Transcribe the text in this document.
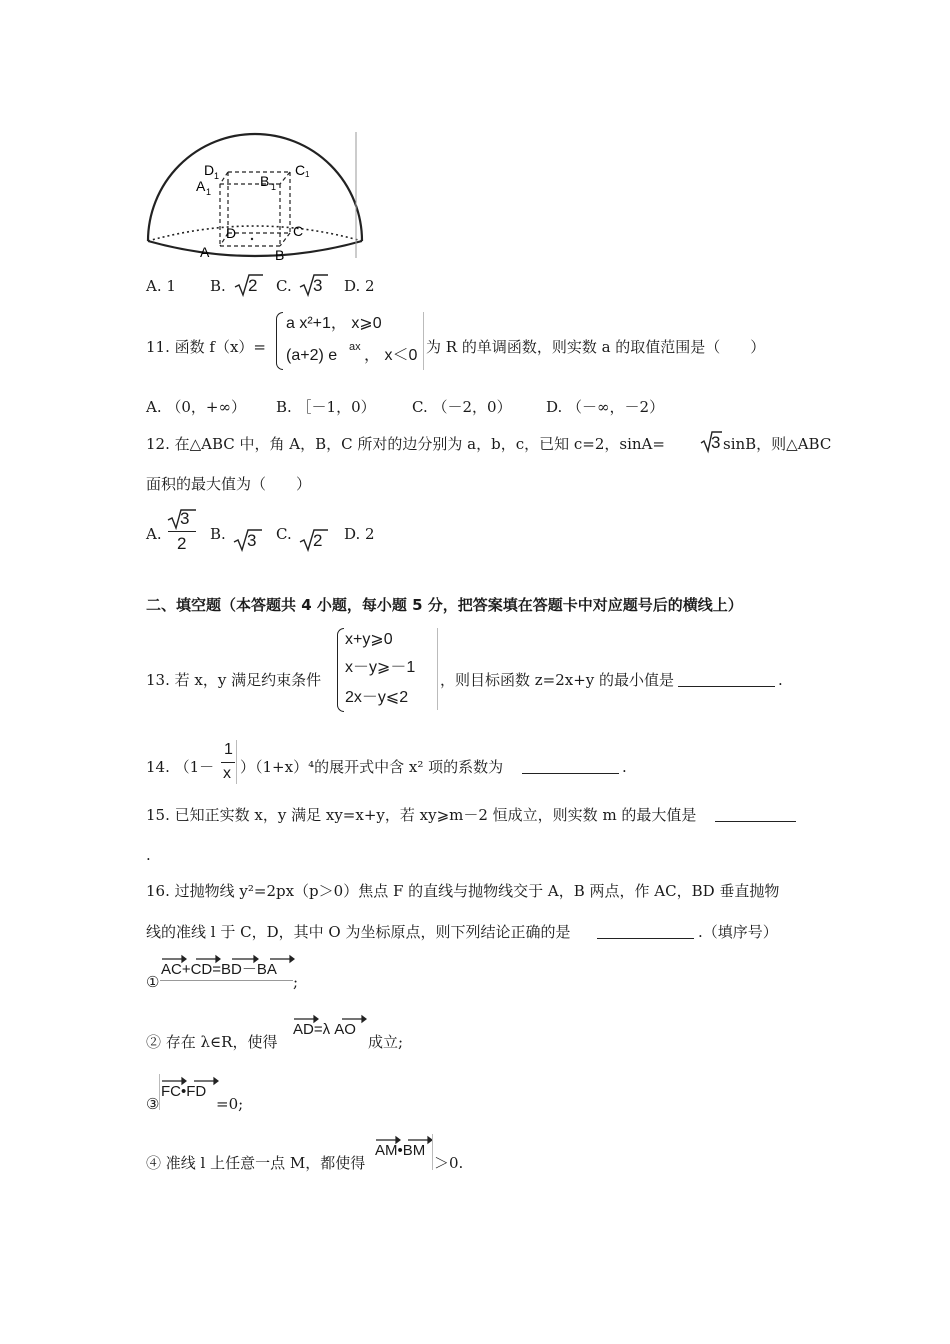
D 1
A 1
B 1
C 1
D	C
A	B
A. 1 B. 2 C. 3 D. 2
11. 函数 f（x）=
a x²+1， x⩾0
(a+2) e ax ， x＜0 为 R 的单调函数，则实数 a 的取值范围是（　　）
A. （0，+∞） B. ［－1，0） C. （－2，0） D. （－∞，－2）
12. 在△ABC 中，角 A，B，C 所对的边分别为 a，b，c，已知 c=2，sinA=	3 sinB，则△ABC
面积的最大值为（　　）
A.
3
2 B. 3 C. 2 D. 2
二、填空题（本答题共 4 小题，每小题 5 分，把答案填在答题卡中对应题号后的横线上）
13. 若 x，y 满足约束条件
x+y⩾0
x－y⩾－1
2x－y⩽2
，则目标函数 z=2x+y 的最小值是	.
14. （1－
1
x ）（1+x）⁴的展开式中含 x² 项的系数为	.
15. 已知正实数 x，y 满足 xy=x+y，若 xy⩾m－2 恒成立，则实数 m 的最大值是
.
16. 过抛物线 y²=2px（p＞0）焦点 F 的直线与抛物线交于 A，B 两点，作 AC，BD 垂直抛物
线的准线 l 于 C，D，其中 O 为坐标原点，则下列结论正确的是	.（填序号）
①
AC+CD=BD－BA
;
② 存在 λ∈R，使得
AD=λ AO
成立;
③
FC•FD
=0;
④ 准线 l 上任意一点 M，都使得
AM•BM
＞0.
